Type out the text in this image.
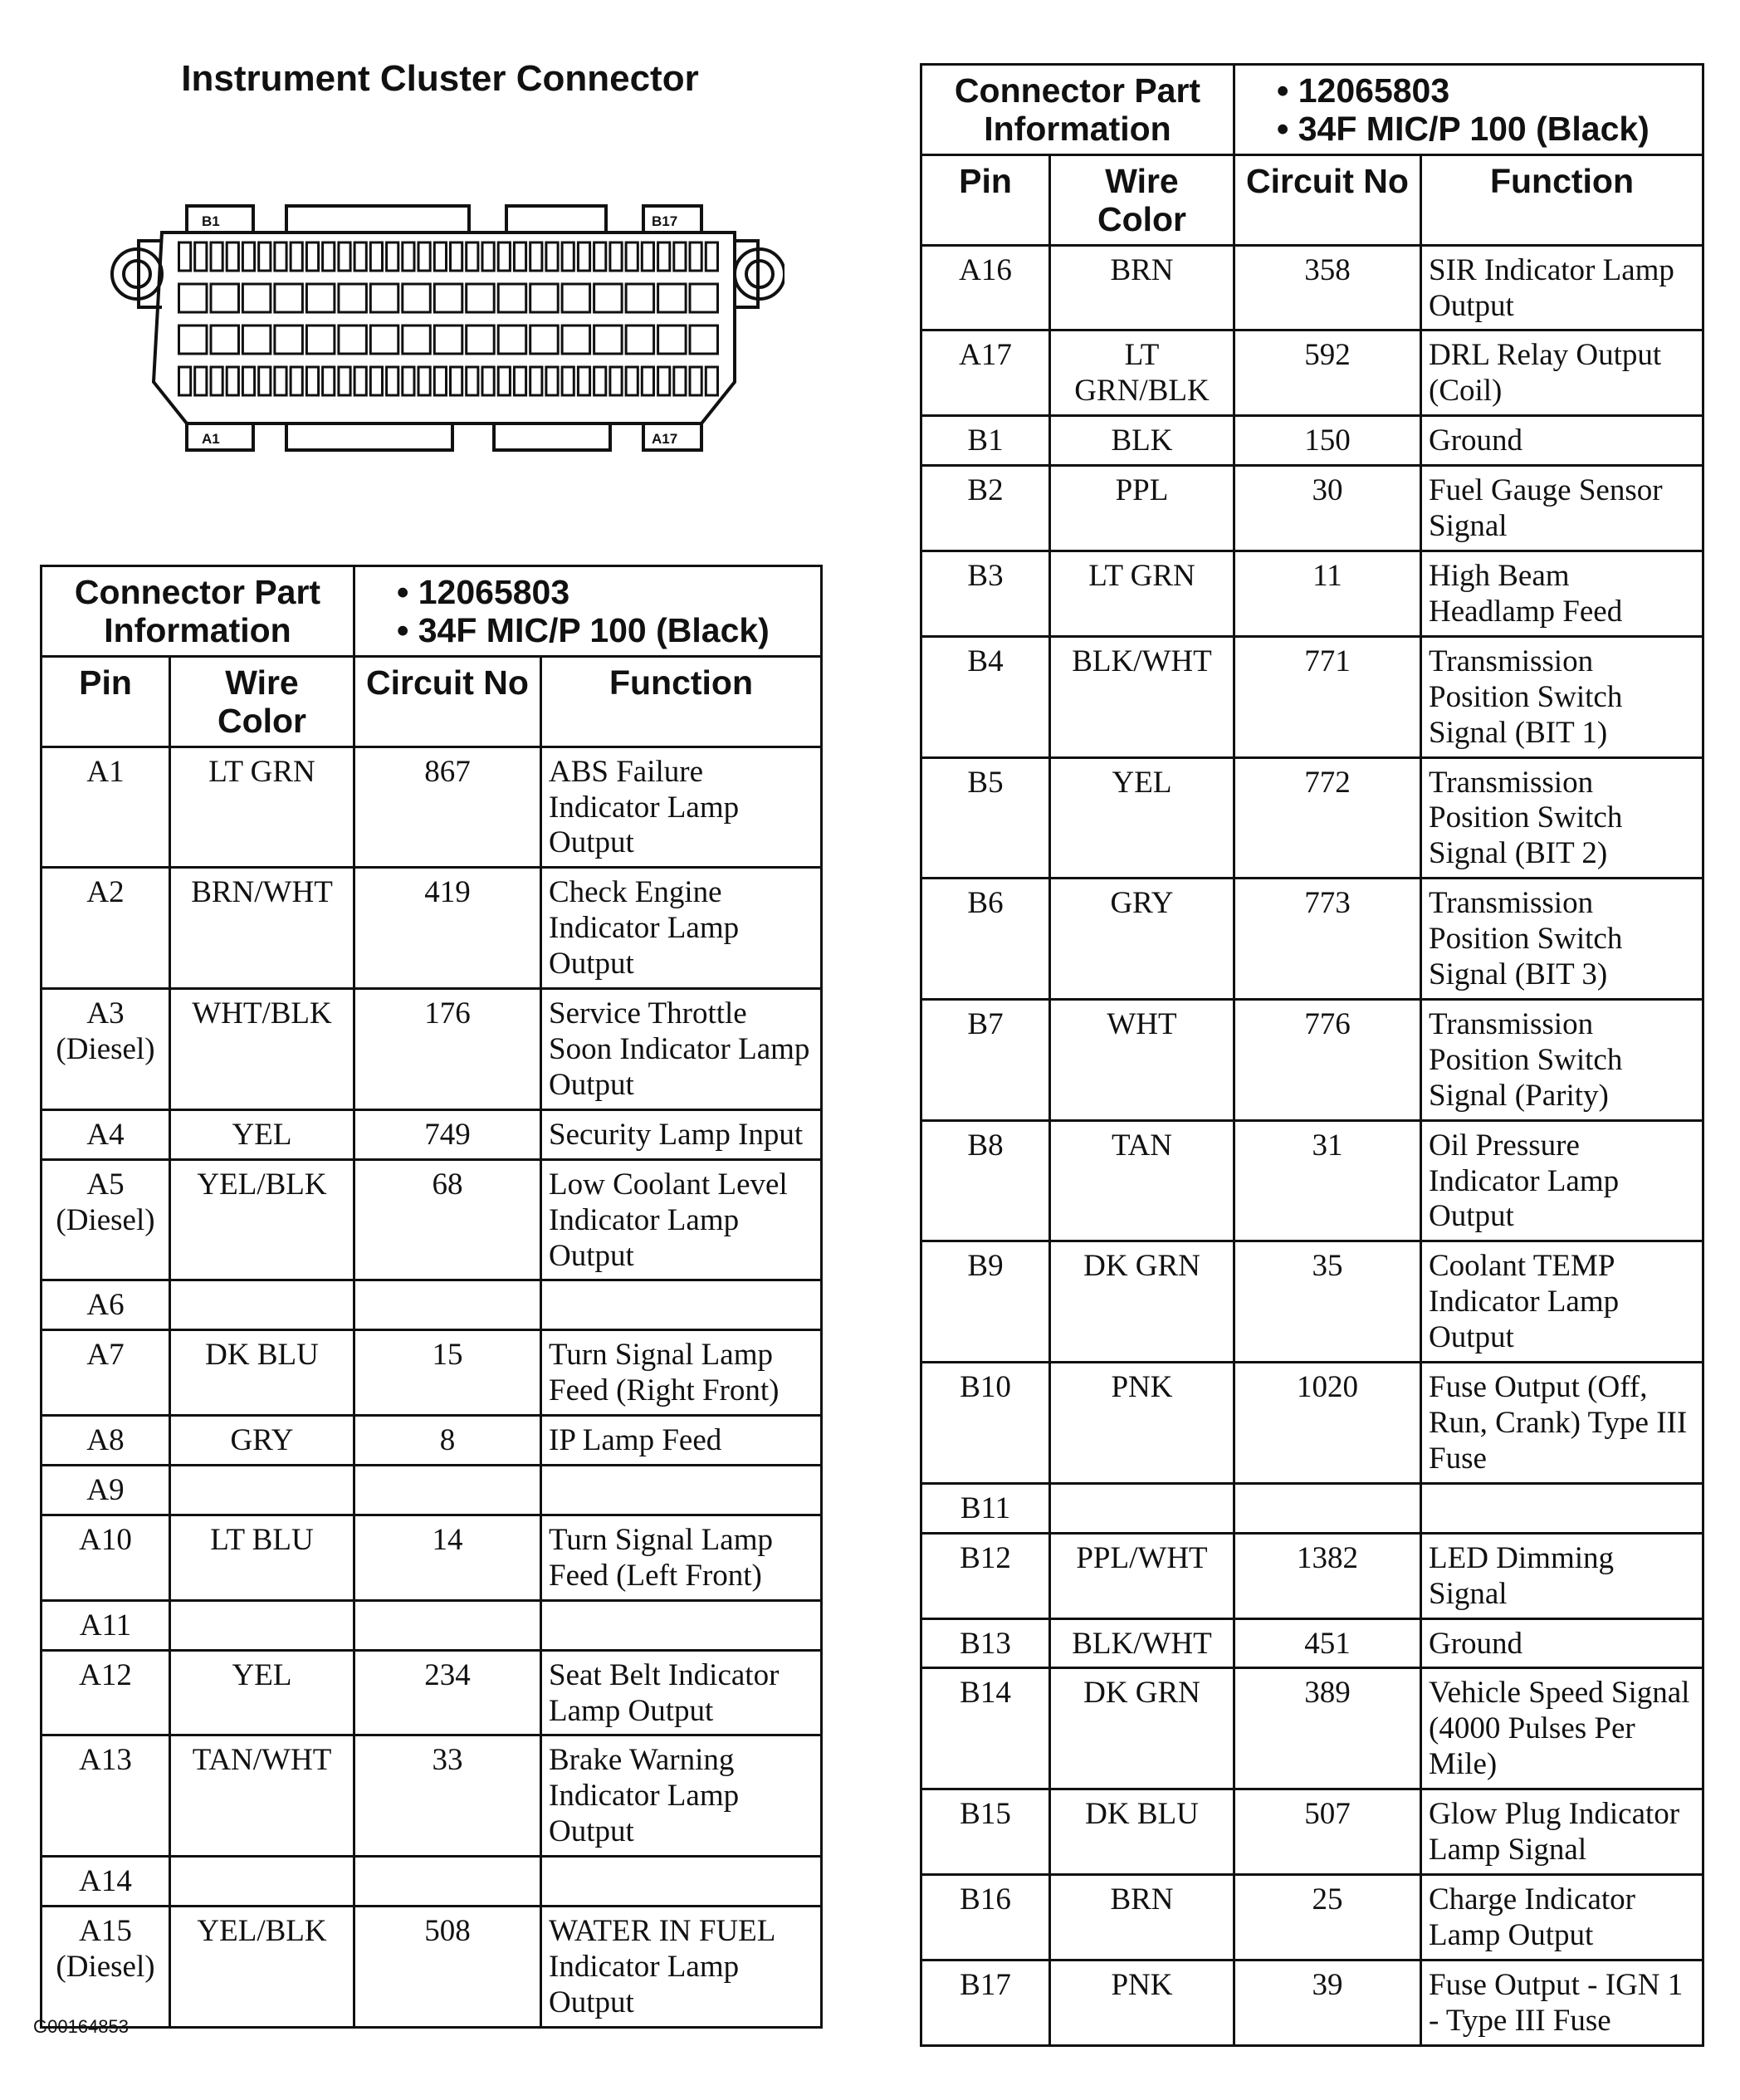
Instrument Cluster Connector
B1	B17
A1	A17
Connector Part Information		• 12065803
• 34F MIC/P 100 (Black)	

Pin	Wire Color	Circuit No	Function

A1	LT GRN	867	ABS Failure Indicator Lamp Output

A2	BRN/WHT	419	Check Engine Indicator Lamp Output

A3
(Diesel)	WHT/BLK	176	Service Throttle Soon Indicator Lamp Output

A4	YEL	749	Security Lamp Input

A5
(Diesel)	YEL/BLK	68	Low Coolant Level Indicator Lamp Output

A6			

A7	DK BLU	15	Turn Signal Lamp Feed (Right Front)

A8	GRY	8	IP Lamp Feed

A9			

A10	LT BLU	14	Turn Signal Lamp Feed (Left Front)

A11			

A12	YEL	234	Seat Belt Indicator Lamp Output

A13	TAN/WHT	33	Brake Warning Indicator Lamp Output

A14			

A15
(Diesel)	YEL/BLK	508	WATER IN FUEL Indicator Lamp Output
Connector Part Information		• 12065803
• 34F MIC/P 100 (Black)	

Pin	Wire Color	Circuit No	Function

A16	BRN	358	SIR Indicator Lamp Output

A17	LT GRN/BLK	592	DRL Relay Output (Coil)

B1	BLK	150	Ground

B2	PPL	30	Fuel Gauge Sensor Signal

B3	LT GRN	11	High Beam Headlamp Feed

B4	BLK/WHT	771	Transmission Position Switch Signal (BIT 1)

B5	YEL	772	Transmission Position Switch Signal (BIT 2)

B6	GRY	773	Transmission Position Switch Signal (BIT 3)

B7	WHT	776	Transmission Position Switch Signal (Parity)

B8	TAN	31	Oil Pressure Indicator Lamp Output

B9	DK GRN	35	Coolant TEMP Indicator Lamp Output

B10	PNK	1020	Fuse Output (Off, Run, Crank) Type III Fuse

B11			

B12	PPL/WHT	1382	LED Dimming Signal

B13	BLK/WHT	451	Ground

B14	DK GRN	389	Vehicle Speed Signal (4000 Pulses Per Mile)

B15	DK BLU	507	Glow Plug Indicator Lamp Signal

B16	BRN	25	Charge Indicator Lamp Output

B17	PNK	39	Fuse Output - IGN 1 - Type III Fuse
G00164853
